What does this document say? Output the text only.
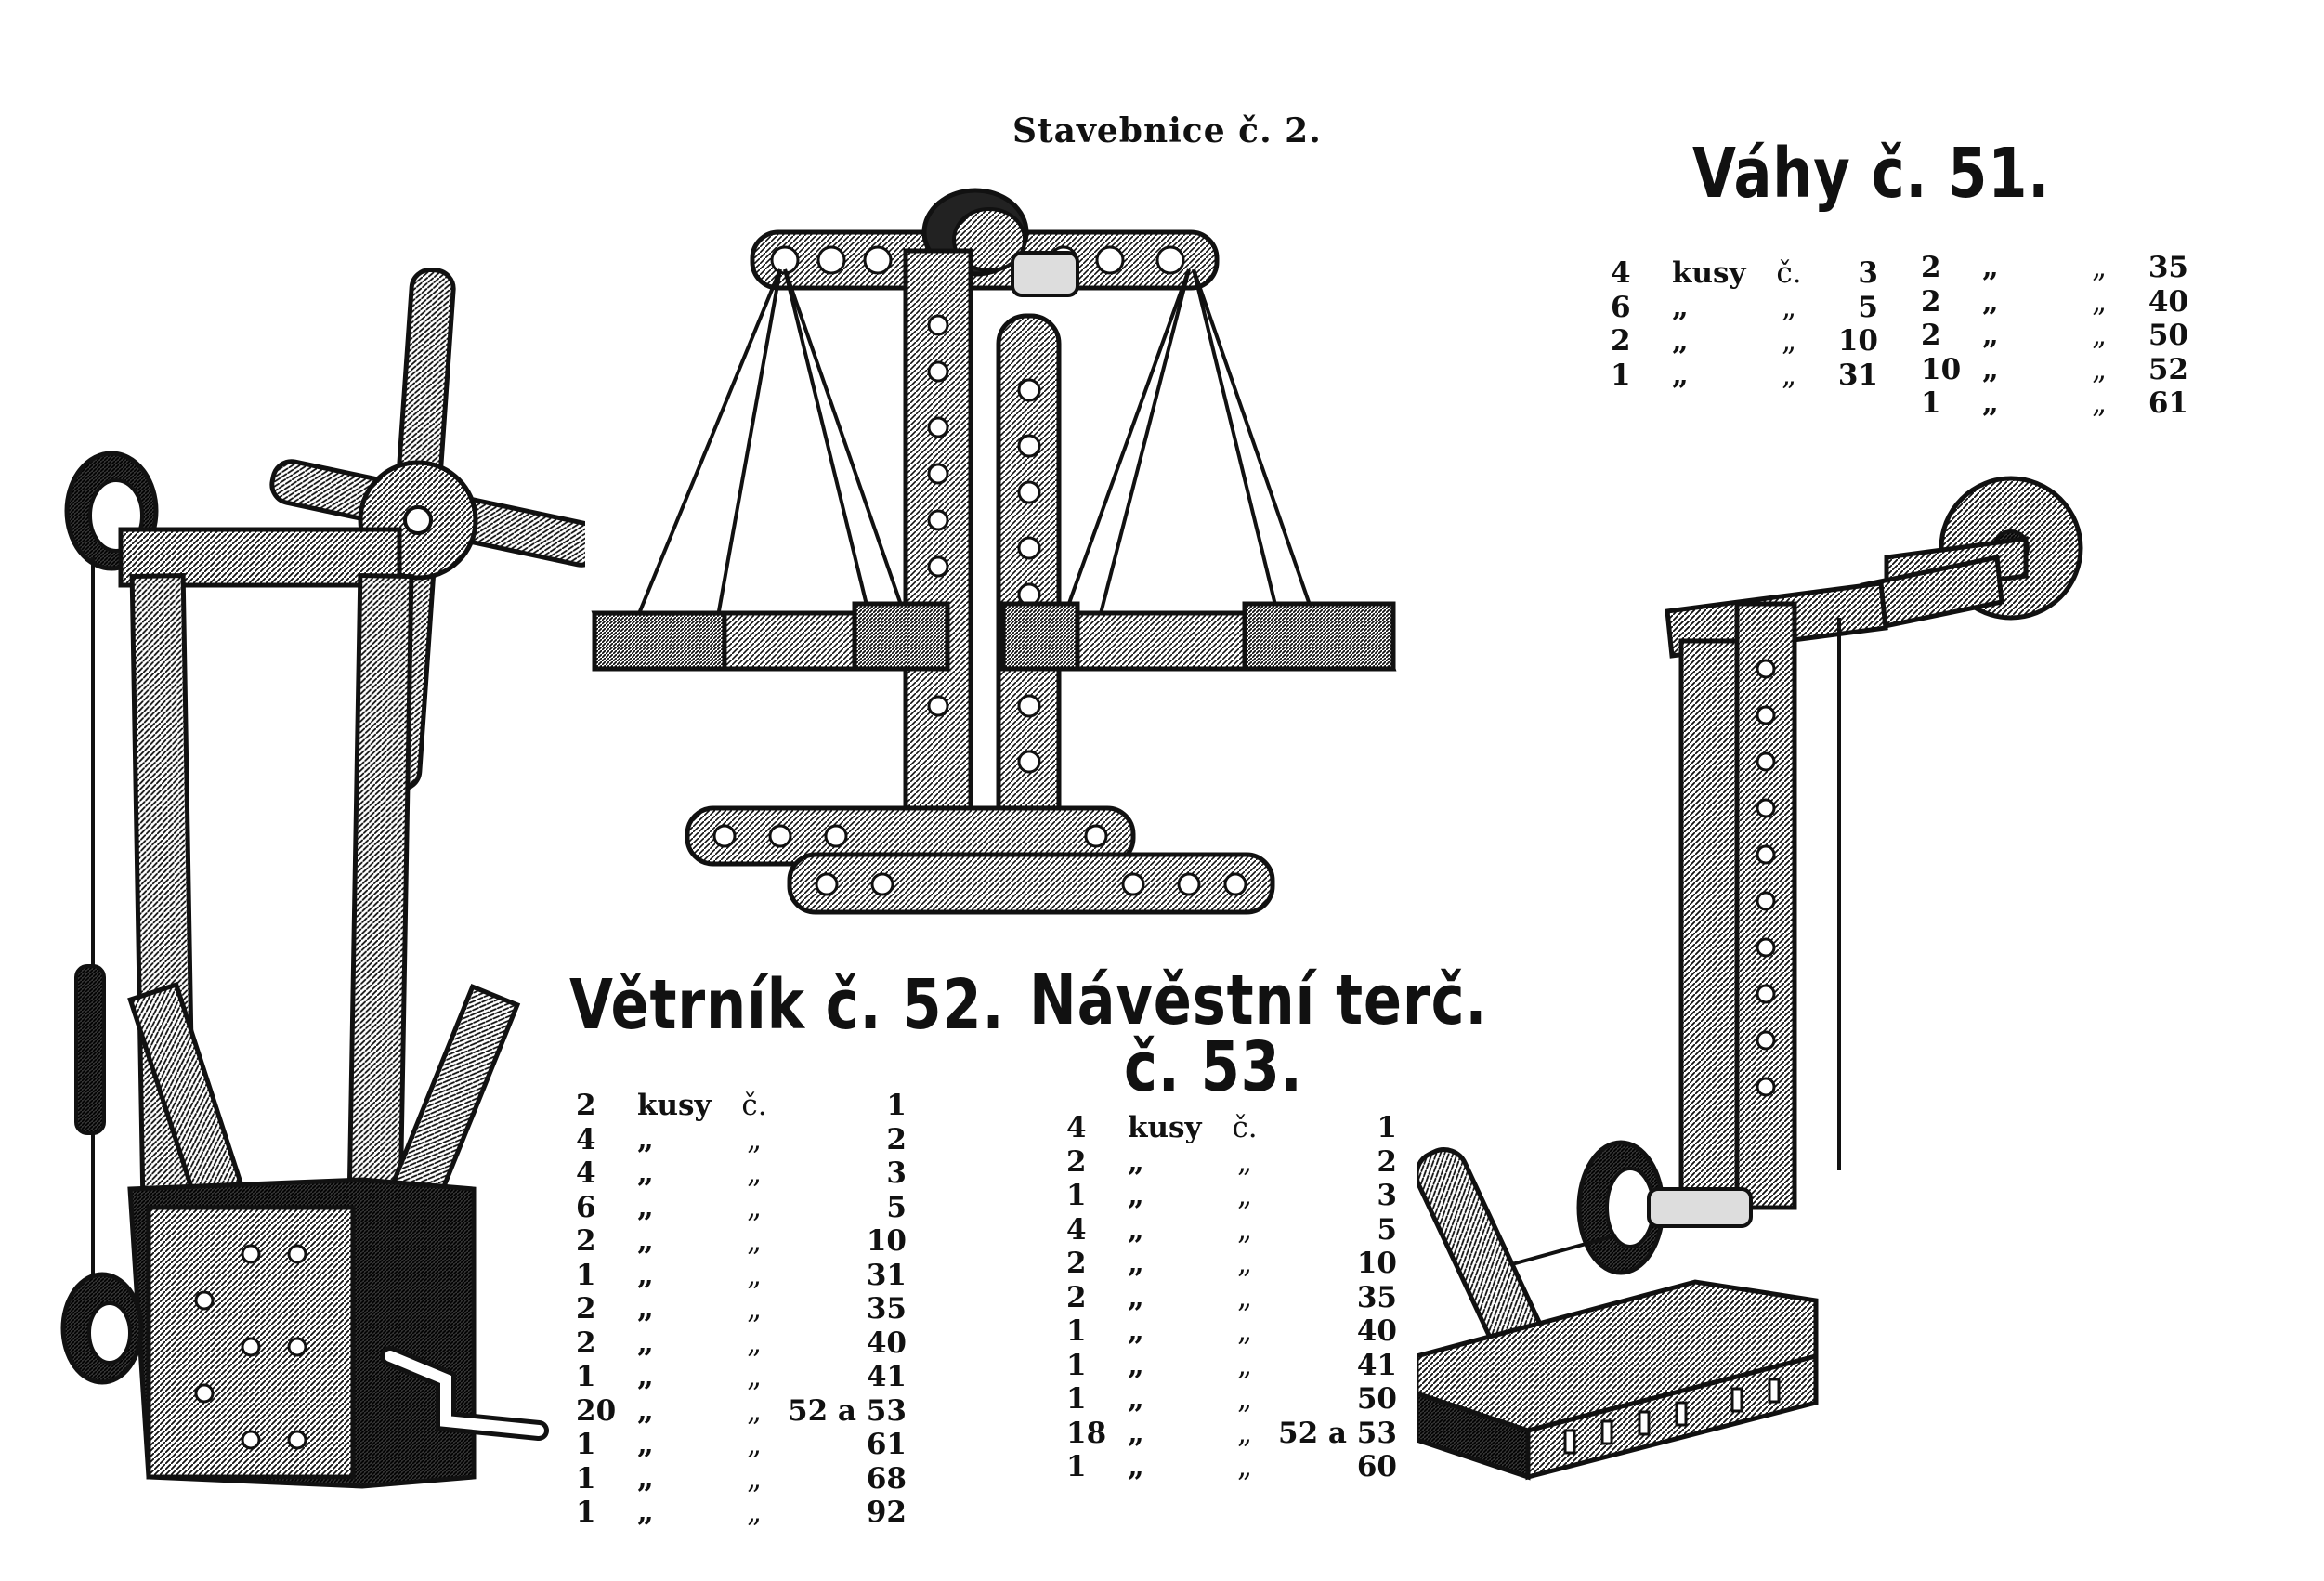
Stavebnice č. 2.
Váhy č. 51.
Větrník č. 52. Návěstní terč.
č. 53.
4	kusy	č.	3
6	„	„	5
2	„	„	10
1	„	„	31
2	„	„	35
2	„	„	40
2	„	„	50
10	„	„	52
1	„	„	61
2	kusy	č.	1
4	„	„	2
4	„	„	3
6	„	„	5
2	„	„	10
1	„	„	31
2	„	„	35
2	„	„	40
1	„	„	41
20	„	„	52 a 53
1	„	„	61
1	„	„	68
1	„	„	92
4	kusy	č.	1
2	„	„	2
1	„	„	3
4	„	„	5
2	„	„	10
2	„	„	35
1	„	„	40
1	„	„	41
1	„	„	50
18	„	„	52 a 53
1	„	„	60
